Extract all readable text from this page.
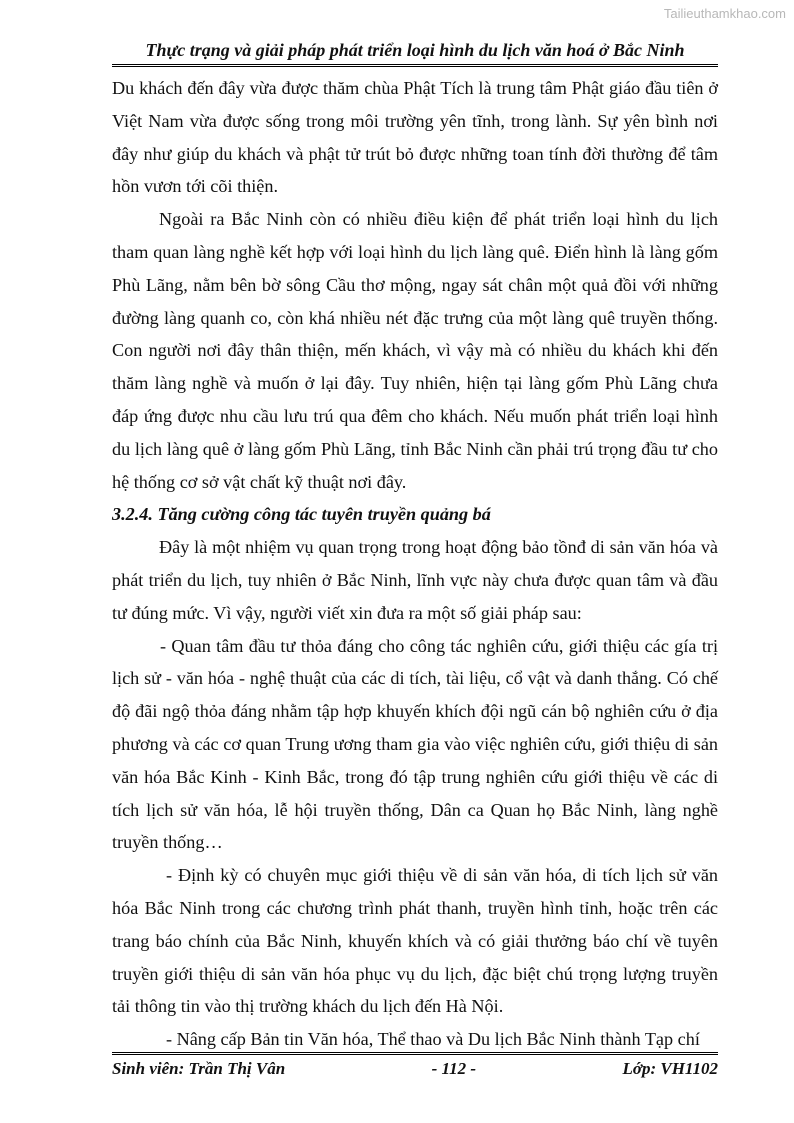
Tailieuthamkhao.com
Thực trạng và giải pháp phát triển loại hình du lịch văn hoá ở Bắc Ninh

Du khách đến đây vừa được thăm chùa Phật Tích là trung tâm Phật giáo đầu tiên ở Việt Nam vừa được sống trong môi trường yên tĩnh, trong lành. Sự yên bình nơi đây như giúp du khách và phật tử trút bỏ được những toan tính đời thường để tâm hồn vươn tới cõi thiện.

Ngoài ra Bắc Ninh còn có nhiều điều kiện để phát triển loại hình du lịch tham quan làng nghề kết hợp với loại hình du lịch làng quê. Điển hình là làng gốm Phù Lãng, nằm bên bờ sông Cầu thơ mộng, ngay sát chân một quả đồi với những đường làng quanh co, còn khá nhiều nét đặc trưng của một làng quê truyền thống. Con người nơi đây thân thiện, mến khách, vì vậy mà có nhiều du khách khi đến thăm làng nghề và muốn ở lại đây. Tuy nhiên, hiện tại làng gốm Phù Lãng chưa đáp ứng được nhu cầu lưu trú qua đêm cho khách. Nếu muốn phát triển loại hình du lịch làng quê ở làng gốm Phù Lãng, tỉnh Bắc Ninh cần phải trú trọng đầu tư cho hệ thống cơ sở vật chất kỹ thuật nơi đây.

3.2.4. Tăng cường công tác tuyên truyền quảng bá

Đây là một nhiệm vụ quan trọng trong hoạt động bảo tồnđ di sản văn hóa và phát triển du lịch, tuy nhiên ở Bắc Ninh, lĩnh vực này chưa được quan tâm và đầu tư đúng mức. Vì vậy, người viết xin đưa ra một số giải pháp sau:

- Quan tâm đầu tư thỏa đáng cho công tác nghiên cứu, giới thiệu các gía trị lịch sử - văn hóa - nghệ thuật của các di tích, tài liệu, cổ vật và danh thắng. Có chế độ đãi ngộ thỏa đáng nhằm tập hợp khuyến khích đội ngũ cán bộ nghiên cứu ở địa phương và các cơ quan Trung ương tham gia vào việc nghiên cứu, giới thiệu di sản văn hóa Bắc Kinh - Kinh Bắc, trong đó tập trung nghiên cứu giới thiệu về các di tích lịch sử văn hóa, lễ hội truyền thống, Dân ca Quan họ Bắc Ninh, làng nghề truyền thống…

- Định kỳ có chuyên mục giới thiệu về di sản văn hóa, di tích lịch sử văn hóa Bắc Ninh trong các chương trình phát thanh, truyền hình tỉnh, hoặc trên các trang báo chính của Bắc Ninh, khuyến khích và có giải thưởng báo chí về tuyên truyền giới thiệu di sản văn hóa phục vụ du lịch, đặc biệt chú trọng lượng truyền tải thông tin vào thị trường khách du lịch đến Hà Nội.

- Nâng cấp Bản tin Văn hóa, Thể thao và Du lịch Bắc Ninh thành Tạp chí

Sinh viên: Trần Thị Vân	- 112 -	Lớp: VH1102
